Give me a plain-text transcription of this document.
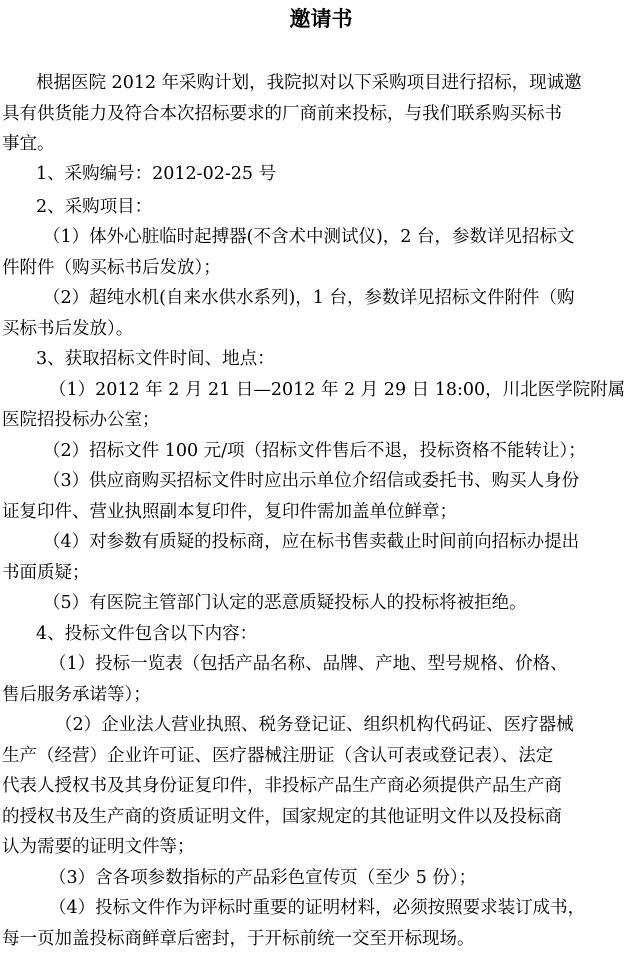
邀请书
根据医院 2012 年采购计划，我院拟对以下采购项目进行招标，现诚邀
具有供货能力及符合本次招标要求的厂商前来投标，与我们联系购买标书
事宜。
1、采购编号：2012-02-25 号
2、采购项目：
（1）体外心脏临时起搏器(不含术中测试仪)，2 台，参数详见招标文
件附件（购买标书后发放）；
（2）超纯水机(自来水供水系列)，1 台，参数详见招标文件附件（购
买标书后发放）。
3、获取招标文件时间、地点：
（1）2012 年 2 月 21 日—2012 年 2 月 29 日 18:00，川北医学院附属
医院招投标办公室；
（2）招标文件 100 元/项（招标文件售后不退，投标资格不能转让）；
（3）供应商购买招标文件时应出示单位介绍信或委托书、购买人身份
证复印件、营业执照副本复印件，复印件需加盖单位鲜章；
（4）对参数有质疑的投标商，应在标书售卖截止时间前向招标办提出
书面质疑；
（5）有医院主管部门认定的恶意质疑投标人的投标将被拒绝。
4、投标文件包含以下内容：
（1）投标一览表（包括产品名称、品牌、产地、型号规格、价格、
售后服务承诺等）；
（2）企业法人营业执照、税务登记证、组织机构代码证、医疗器械
生产（经营）企业许可证、医疗器械注册证（含认可表或登记表）、法定
代表人授权书及其身份证复印件，非投标产品生产商必须提供产品生产商
的授权书及生产商的资质证明文件，国家规定的其他证明文件以及投标商
认为需要的证明文件等；
（3）含各项参数指标的产品彩色宣传页（至少 5 份）；
（4）投标文件作为评标时重要的证明材料，必须按照要求装订成书，
每一页加盖投标商鲜章后密封，于开标前统一交至开标现场。
